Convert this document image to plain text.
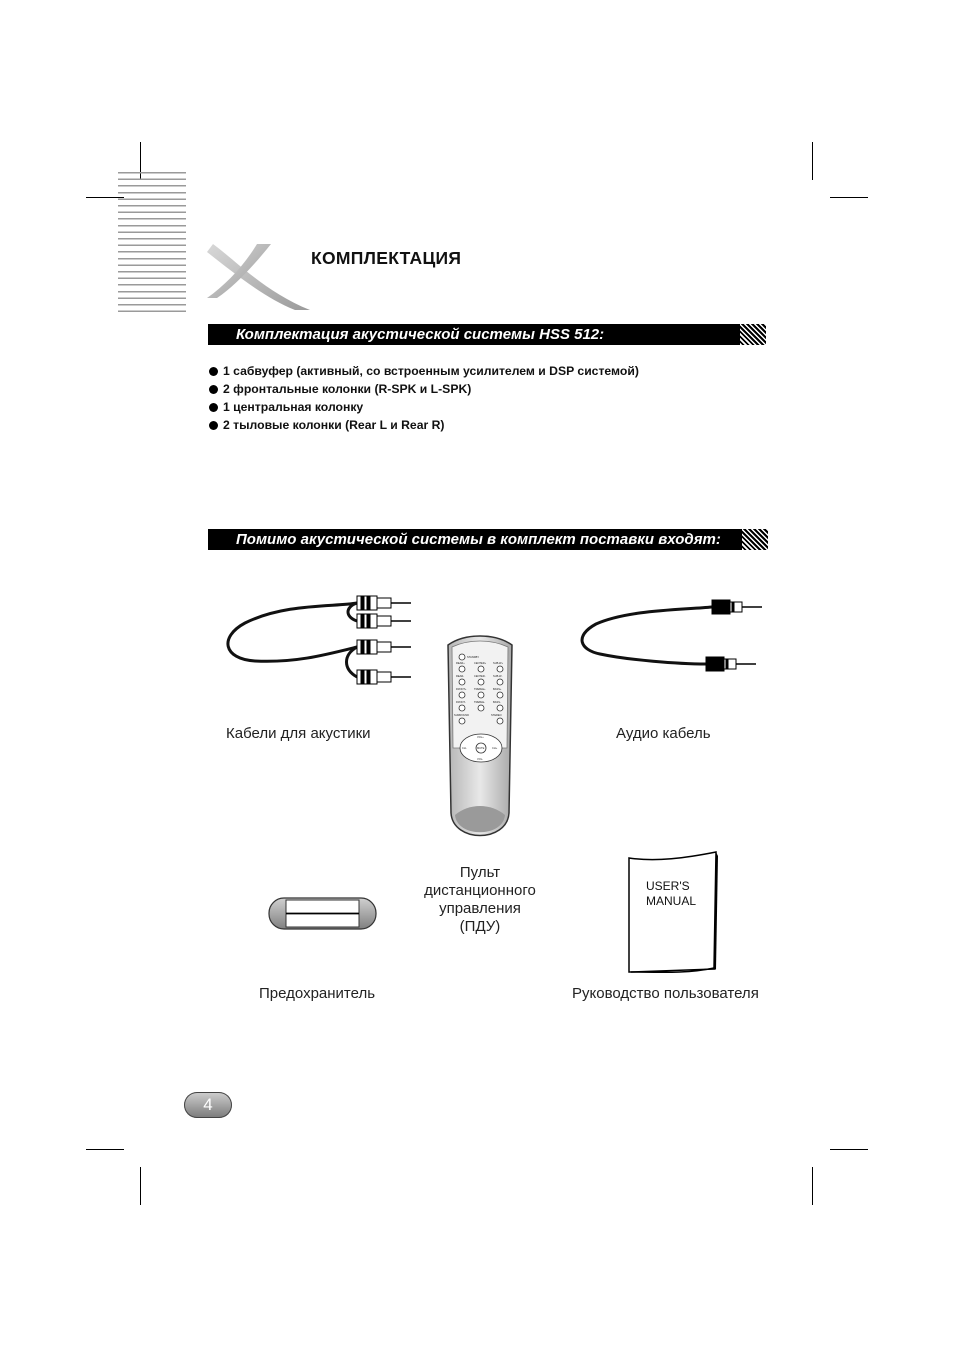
КОМПЛЕКТАЦИЯ
Комплектация акустической системы HSS 512:
1 сабвуфер (активный, со встроенным усилителем и DSP системой)
2 фронтальные колонки (R-SPK и L-SPK)
1 центральная колонку
2 тыловые колонки (Rear L и Rear R)
Помимо акустической системы в комплект поставки входят:
Кабели для акустики	Аудио кабель
STANDBY
REAR+	CENTER+	SUB.W+
REAR-	CENTER-	SUB.W-
FRONT+	TREBLE+	BASS+
FRONT-	TREBLE-	BASS-
SURROUND	STEREO
VOL+
VOL-
MUTE
CH-	CH+
Пульт
дистанционного
управления
(ПДУ)
Предохранитель
USER'S
MANUAL
Руководство пользователя
4
